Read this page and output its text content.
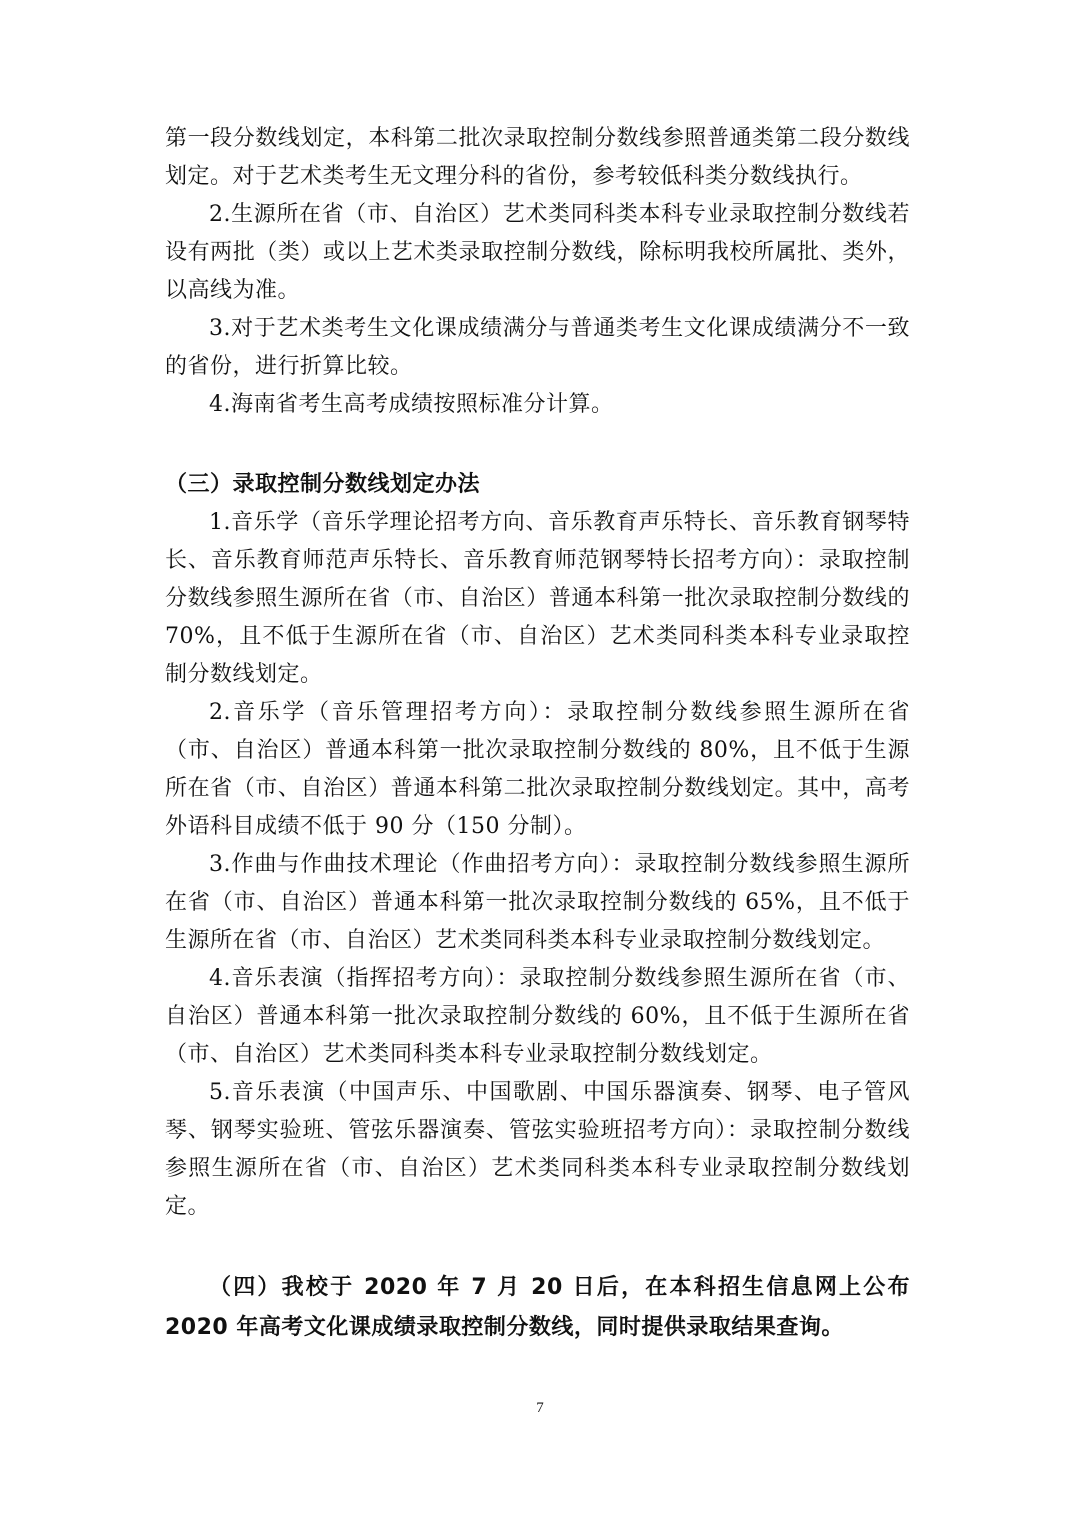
第一段分数线划定，本科第二批次录取控制分数线参照普通类第二段分数线划定。对于艺术类考生无文理分科的省份，参考较低科类分数线执行。

2.生源所在省（市、自治区）艺术类同科类本科专业录取控制分数线若设有两批（类）或以上艺术类录取控制分数线，除标明我校所属批、类外，以高线为准。

3.对于艺术类考生文化课成绩满分与普通类考生文化课成绩满分不一致的省份，进行折算比较。

4.海南省考生高考成绩按照标准分计算。

（三）录取控制分数线划定办法

1.音乐学（音乐学理论招考方向、音乐教育声乐特长、音乐教育钢琴特长、音乐教育师范声乐特长、音乐教育师范钢琴特长招考方向）：录取控制分数线参照生源所在省（市、自治区）普通本科第一批次录取控制分数线的 70%，且不低于生源所在省（市、自治区）艺术类同科类本科专业录取控制分数线划定。

2.音乐学（音乐管理招考方向）：录取控制分数线参照生源所在省（市、自治区）普通本科第一批次录取控制分数线的 80%，且不低于生源所在省（市、自治区）普通本科第二批次录取控制分数线划定。其中，高考外语科目成绩不低于 90 分（150 分制）。

3.作曲与作曲技术理论（作曲招考方向）：录取控制分数线参照生源所在省（市、自治区）普通本科第一批次录取控制分数线的 65%，且不低于生源所在省（市、自治区）艺术类同科类本科专业录取控制分数线划定。

4.音乐表演（指挥招考方向）：录取控制分数线参照生源所在省（市、自治区）普通本科第一批次录取控制分数线的 60%，且不低于生源所在省（市、自治区）艺术类同科类本科专业录取控制分数线划定。

5.音乐表演（中国声乐、中国歌剧、中国乐器演奏、钢琴、电子管风琴、钢琴实验班、管弦乐器演奏、管弦实验班招考方向）：录取控制分数线参照生源所在省（市、自治区）艺术类同科类本科专业录取控制分数线划定。

（四）我校于 2020 年 7 月 20 日后，在本科招生信息网上公布 2020 年高考文化课成绩录取控制分数线，同时提供录取结果查询。

7
